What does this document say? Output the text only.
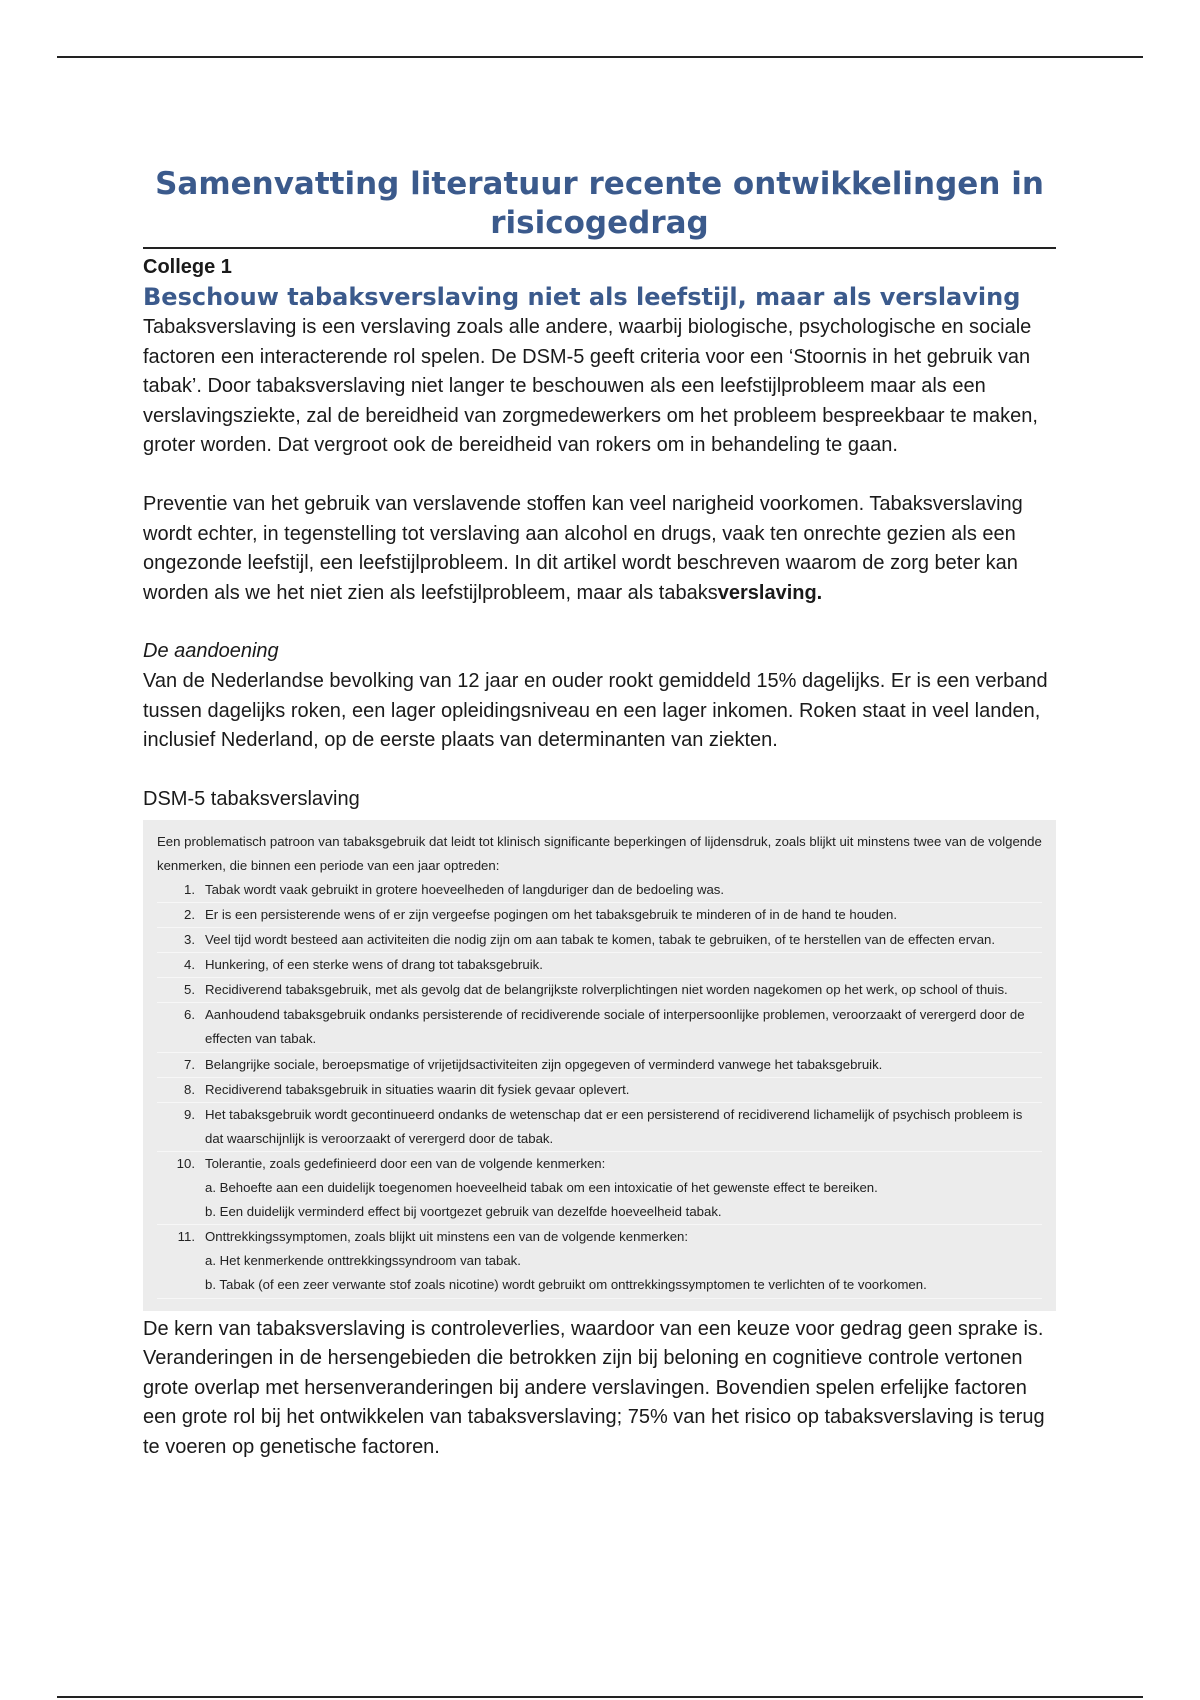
Samenvatting literatuur recente ontwikkelingen in risicogedrag

College 1

Beschouw tabaksverslaving niet als leefstijl, maar als verslaving

Tabaksverslaving is een verslaving zoals alle andere, waarbij biologische, psychologische en sociale factoren een interacterende rol spelen. De DSM-5 geeft criteria voor een ‘Stoornis in het gebruik van tabak’. Door tabaksverslaving niet langer te beschouwen als een leefstijlprobleem maar als een verslavingsziekte, zal de bereidheid van zorgmedewerkers om het probleem bespreekbaar te maken, groter worden. Dat vergroot ook de bereidheid van rokers om in behandeling te gaan.

Preventie van het gebruik van verslavende stoffen kan veel narigheid voorkomen. Tabaksverslaving wordt echter, in tegenstelling tot verslaving aan alcohol en drugs, vaak ten onrechte gezien als een ongezonde leefstijl, een leefstijlprobleem. In dit artikel wordt beschreven waarom de zorg beter kan worden als we het niet zien als leefstijlprobleem, maar als tabaksverslaving.

De aandoening

Van de Nederlandse bevolking van 12 jaar en ouder rookt gemiddeld 15% dagelijks. Er is een verband tussen dagelijks roken, een lager opleidingsniveau en een lager inkomen. Roken staat in veel landen, inclusief Nederland, op de eerste plaats van determinanten van ziekten.

DSM-5 tabaksverslaving

Een problematisch patroon van tabaksgebruik dat leidt tot klinisch significante beperkingen of lijdensdruk, zoals blijkt uit minstens twee van de volgende kenmerken, die binnen een periode van een jaar optreden:

1. Tabak wordt vaak gebruikt in grotere hoeveelheden of langduriger dan de bedoeling was.
2. Er is een persisterende wens of er zijn vergeefse pogingen om het tabaksgebruik te minderen of in de hand te houden.
3. Veel tijd wordt besteed aan activiteiten die nodig zijn om aan tabak te komen, tabak te gebruiken, of te herstellen van de effecten ervan.
4. Hunkering, of een sterke wens of drang tot tabaksgebruik.
5. Recidiverend tabaksgebruik, met als gevolg dat de belangrijkste rolverplichtingen niet worden nagekomen op het werk, op school of thuis.
6. Aanhoudend tabaksgebruik ondanks persisterende of recidiverende sociale of interpersoonlijke problemen, veroorzaakt of verergerd door de effecten van tabak.
7. Belangrijke sociale, beroepsmatige of vrijetijdsactiviteiten zijn opgegeven of verminderd vanwege het tabaksgebruik.
8. Recidiverend tabaksgebruik in situaties waarin dit fysiek gevaar oplevert.
9. Het tabaksgebruik wordt gecontinueerd ondanks de wetenschap dat er een persisterend of recidiverend lichamelijk of psychisch probleem is dat waarschijnlijk is veroorzaakt of verergerd door de tabak.
10. Tolerantie, zoals gedefinieerd door een van de volgende kenmerken:
a. Behoefte aan een duidelijk toegenomen hoeveelheid tabak om een intoxicatie of het gewenste effect te bereiken.
b. Een duidelijk verminderd effect bij voortgezet gebruik van dezelfde hoeveelheid tabak.
11. Onttrekkingssymptomen, zoals blijkt uit minstens een van de volgende kenmerken:
a. Het kenmerkende onttrekkingssyndroom van tabak.
b. Tabak (of een zeer verwante stof zoals nicotine) wordt gebruikt om onttrekkingssymptomen te verlichten of te voorkomen.

De kern van tabaksverslaving is controleverlies, waardoor van een keuze voor gedrag geen sprake is. Veranderingen in de hersengebieden die betrokken zijn bij beloning en cognitieve controle vertonen grote overlap met hersenveranderingen bij andere verslavingen. Bovendien spelen erfelijke factoren een grote rol bij het ontwikkelen van tabaksverslaving; 75% van het risico op tabaksverslaving is terug te voeren op genetische factoren.
